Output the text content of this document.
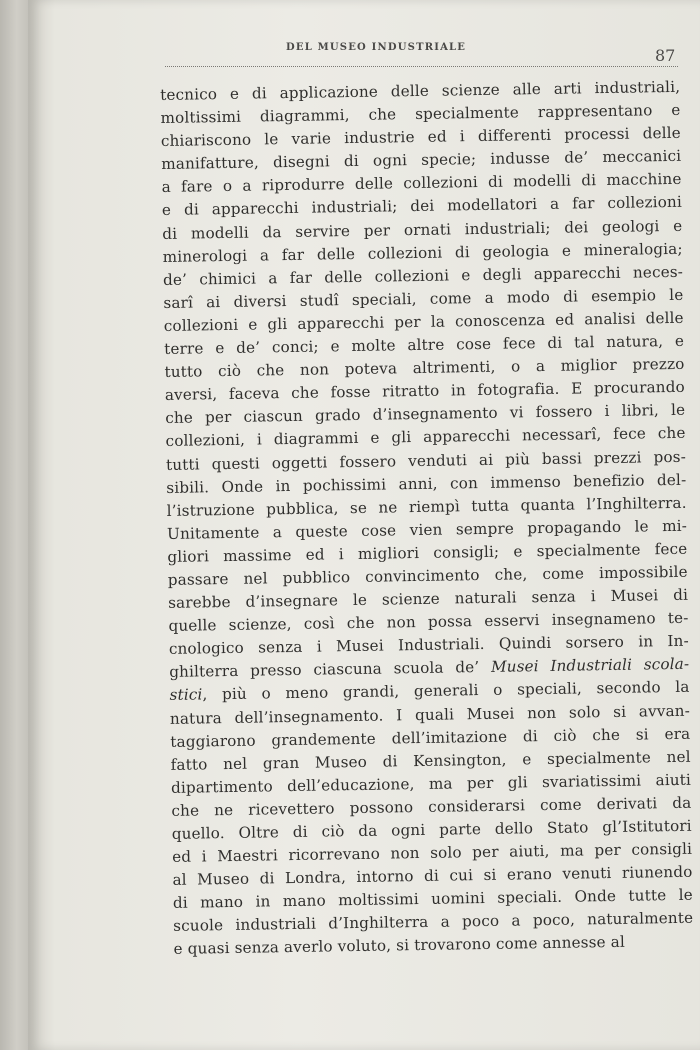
DEL MUSEO INDUSTRIALE	87
tecnico e di applicazione delle scienze alle arti industriali,
moltissimi diagrammi, che specialmente rappresentano e
chiariscono le varie industrie ed i differenti processi delle
manifatture, disegni di ogni specie; indusse de’ meccanici
a fare o a riprodurre delle collezioni di modelli di macchine
e di apparecchi industriali; dei modellatori a far collezioni
di modelli da servire per ornati industriali; dei geologi e
minerologi a far delle collezioni di geologia e mineralogia;
de’ chimici a far delle collezioni e degli apparecchi neces-
sarî ai diversi studî speciali, come a modo di esempio le
collezioni e gli apparecchi per la conoscenza ed analisi delle
terre e de’ conci; e molte altre cose fece di tal natura, e
tutto ciò che non poteva altrimenti, o a miglior prezzo
aversi, faceva che fosse ritratto in fotografia. E procurando
che per ciascun grado d’insegnamento vi fossero i libri, le
collezioni, i diagrammi e gli apparecchi necessarî, fece che
tutti questi oggetti fossero venduti ai più bassi prezzi pos-
sibili. Onde in pochissimi anni, con immenso benefizio del-
l’istruzione pubblica, se ne riempì tutta quanta l’Inghilterra.
Unitamente a queste cose vien sempre propagando le mi-
gliori massime ed i migliori consigli; e specialmente fece
passare nel pubblico convincimento che, come impossibile
sarebbe d’insegnare le scienze naturali senza i Musei di
quelle scienze, così che non possa esservi insegnameno te-
cnologico senza i Musei Industriali. Quindi sorsero in In-
ghilterra presso ciascuna scuola de’ Musei Industriali scola-
stici, più o meno grandi, generali o speciali, secondo la
natura dell’insegnamento. I quali Musei non solo si avvan-
taggiarono grandemente dell’imitazione di ciò che si era
fatto nel gran Museo di Kensington, e specialmente nel
dipartimento dell’educazione, ma per gli svariatissimi aiuti
che ne ricevettero possono considerarsi come derivati da
quello. Oltre di ciò da ogni parte dello Stato gl’Istitutori
ed i Maestri ricorrevano non solo per aiuti, ma per consigli
al Museo di Londra, intorno di cui si erano venuti riunendo
di mano in mano moltissimi uomini speciali. Onde tutte le
scuole industriali d’Inghilterra a poco a poco, naturalmente
e quasi senza averlo voluto, si trovarono come annesse al
